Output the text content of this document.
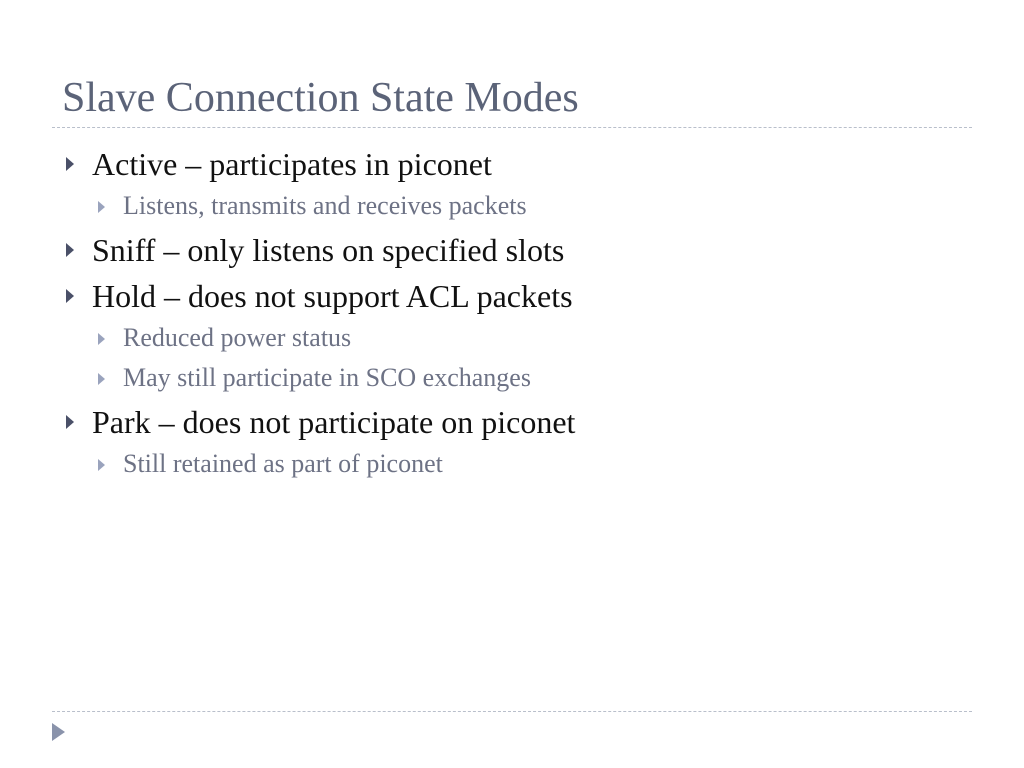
Slave Connection State Modes
Active – participates in piconet
Listens, transmits and receives packets
Sniff – only listens on specified slots
Hold – does not support ACL packets
Reduced power status
May still participate in SCO exchanges
Park – does not participate on piconet
Still retained as part of piconet
